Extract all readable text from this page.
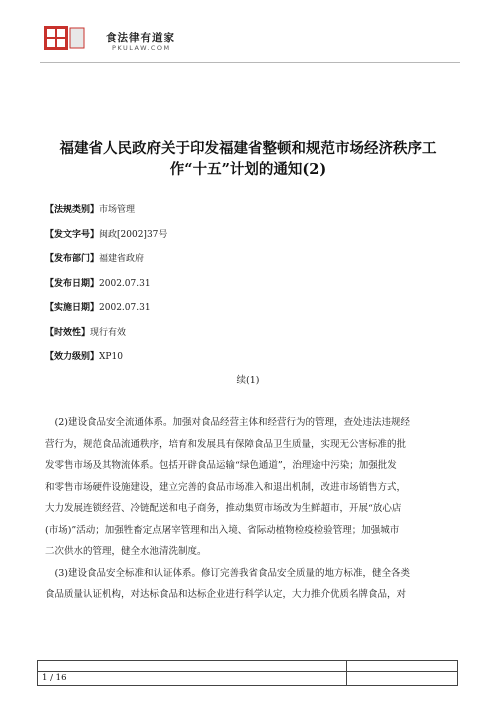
食法律有道家
PKULAW.COM
福建省人民政府关于印发福建省整顿和规范市场经济秩序工
作“十五”计划的通知(2)
【法规类别】市场管理
【发文字号】闽政[2002]37号
【发布部门】福建省政府
【发布日期】2002.07.31
【实施日期】2002.07.31
【时效性】现行有效
【效力级别】XP10
续(1)
　(2)建设食品安全流通体系。加强对食品经营主体和经营行为的管理，查处违法违规经
营行为，规范食品流通秩序，培育和发展具有保障食品卫生质量，实现无公害标准的批
发零售市场及其物流体系。包括开辟食品运输“绿色通道”，治理途中污染；加强批发
和零售市场硬件设施建设，建立完善的食品市场准入和退出机制，改进市场销售方式，
大力发展连锁经营、冷链配送和电子商务，推动集贸市场改为生鲜超市，开展“放心店
(市场)”活动；加强牲畜定点屠宰管理和出入境、省际动植物检疫检验管理；加强城市
二次供水的管理，健全水池清洗制度。
　(3)建设食品安全标准和认证体系。修订完善我省食品安全质量的地方标准，健全各类
食品质量认证机构，对达标食品和达标企业进行科学认定，大力推介优质名牌食品，对
1 / 16
